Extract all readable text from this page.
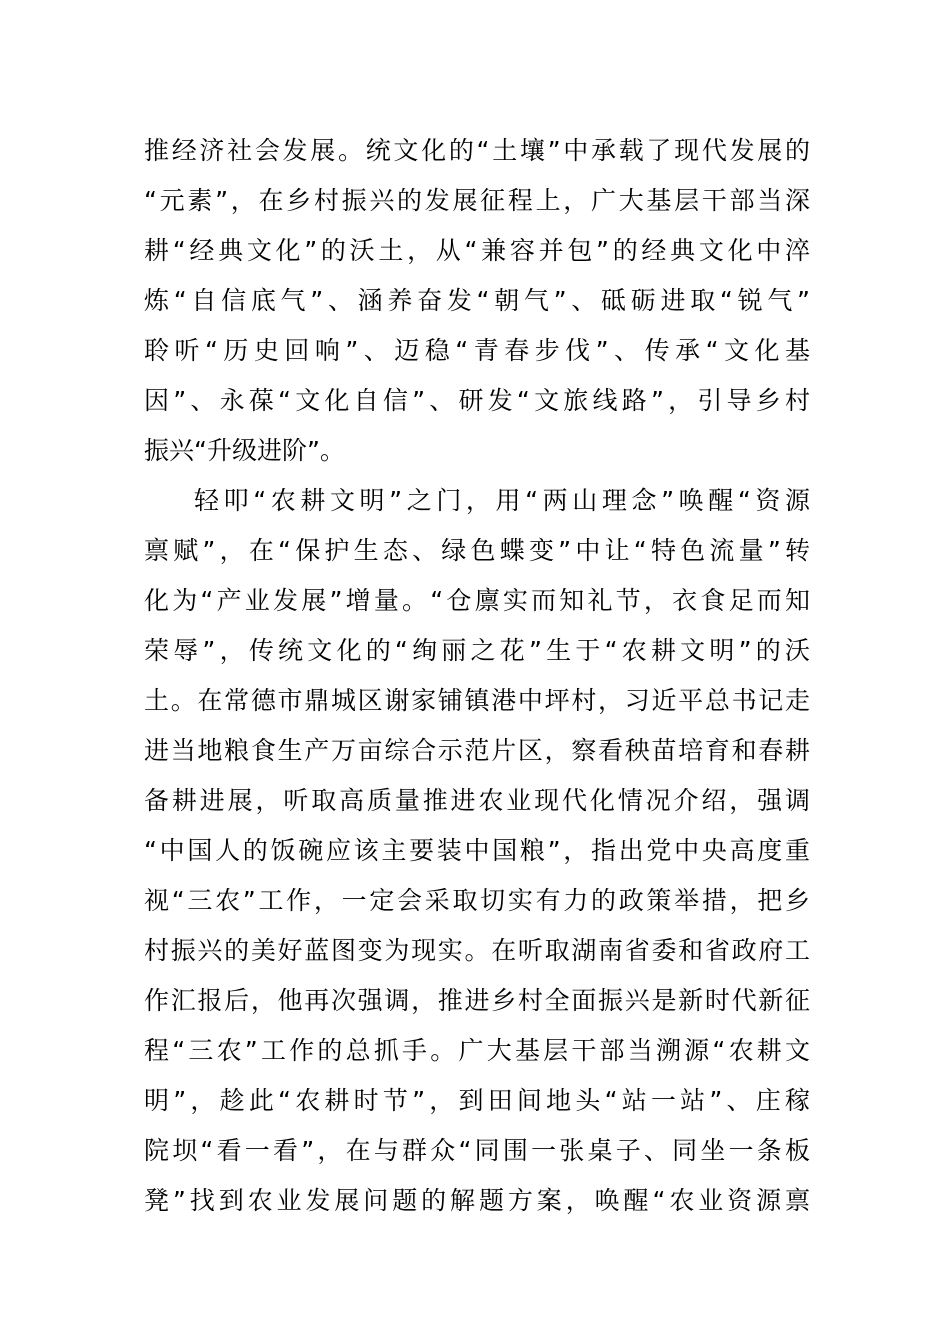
推经济社会发展。统文化的“土壤”中承载了现代发展的
“元素”，在乡村振兴的发展征程上，广大基层干部当深
耕“经典文化”的沃土，从“兼容并包”的经典文化中淬
炼“自信底气”、涵养奋发“朝气”、砥砺进取“锐气”
聆听“历史回响”、迈稳“青春步伐”、传承“文化基
因”、永葆“文化自信”、研发“文旅线路”，引导乡村
振兴“升级进阶”。
轻叩“农耕文明”之门，用“两山理念”唤醒“资源
禀赋”，在“保护生态、绿色蝶变”中让“特色流量”转
化为“产业发展”增量。“仓廪实而知礼节，衣食足而知
荣辱”，传统文化的“绚丽之花”生于“农耕文明”的沃
土。在常德市鼎城区谢家铺镇港中坪村，习近平总书记走
进当地粮食生产万亩综合示范片区，察看秧苗培育和春耕
备耕进展，听取高质量推进农业现代化情况介绍，强调
“中国人的饭碗应该主要装中国粮”，指出党中央高度重
视“三农”工作，一定会采取切实有力的政策举措，把乡
村振兴的美好蓝图变为现实。在听取湖南省委和省政府工
作汇报后，他再次强调，推进乡村全面振兴是新时代新征
程“三农”工作的总抓手。广大基层干部当溯源“农耕文
明”，趁此“农耕时节”，到田间地头“站一站”、庄稼
院坝“看一看”，在与群众“同围一张桌子、同坐一条板
凳”找到农业发展问题的解题方案，唤醒“农业资源禀
